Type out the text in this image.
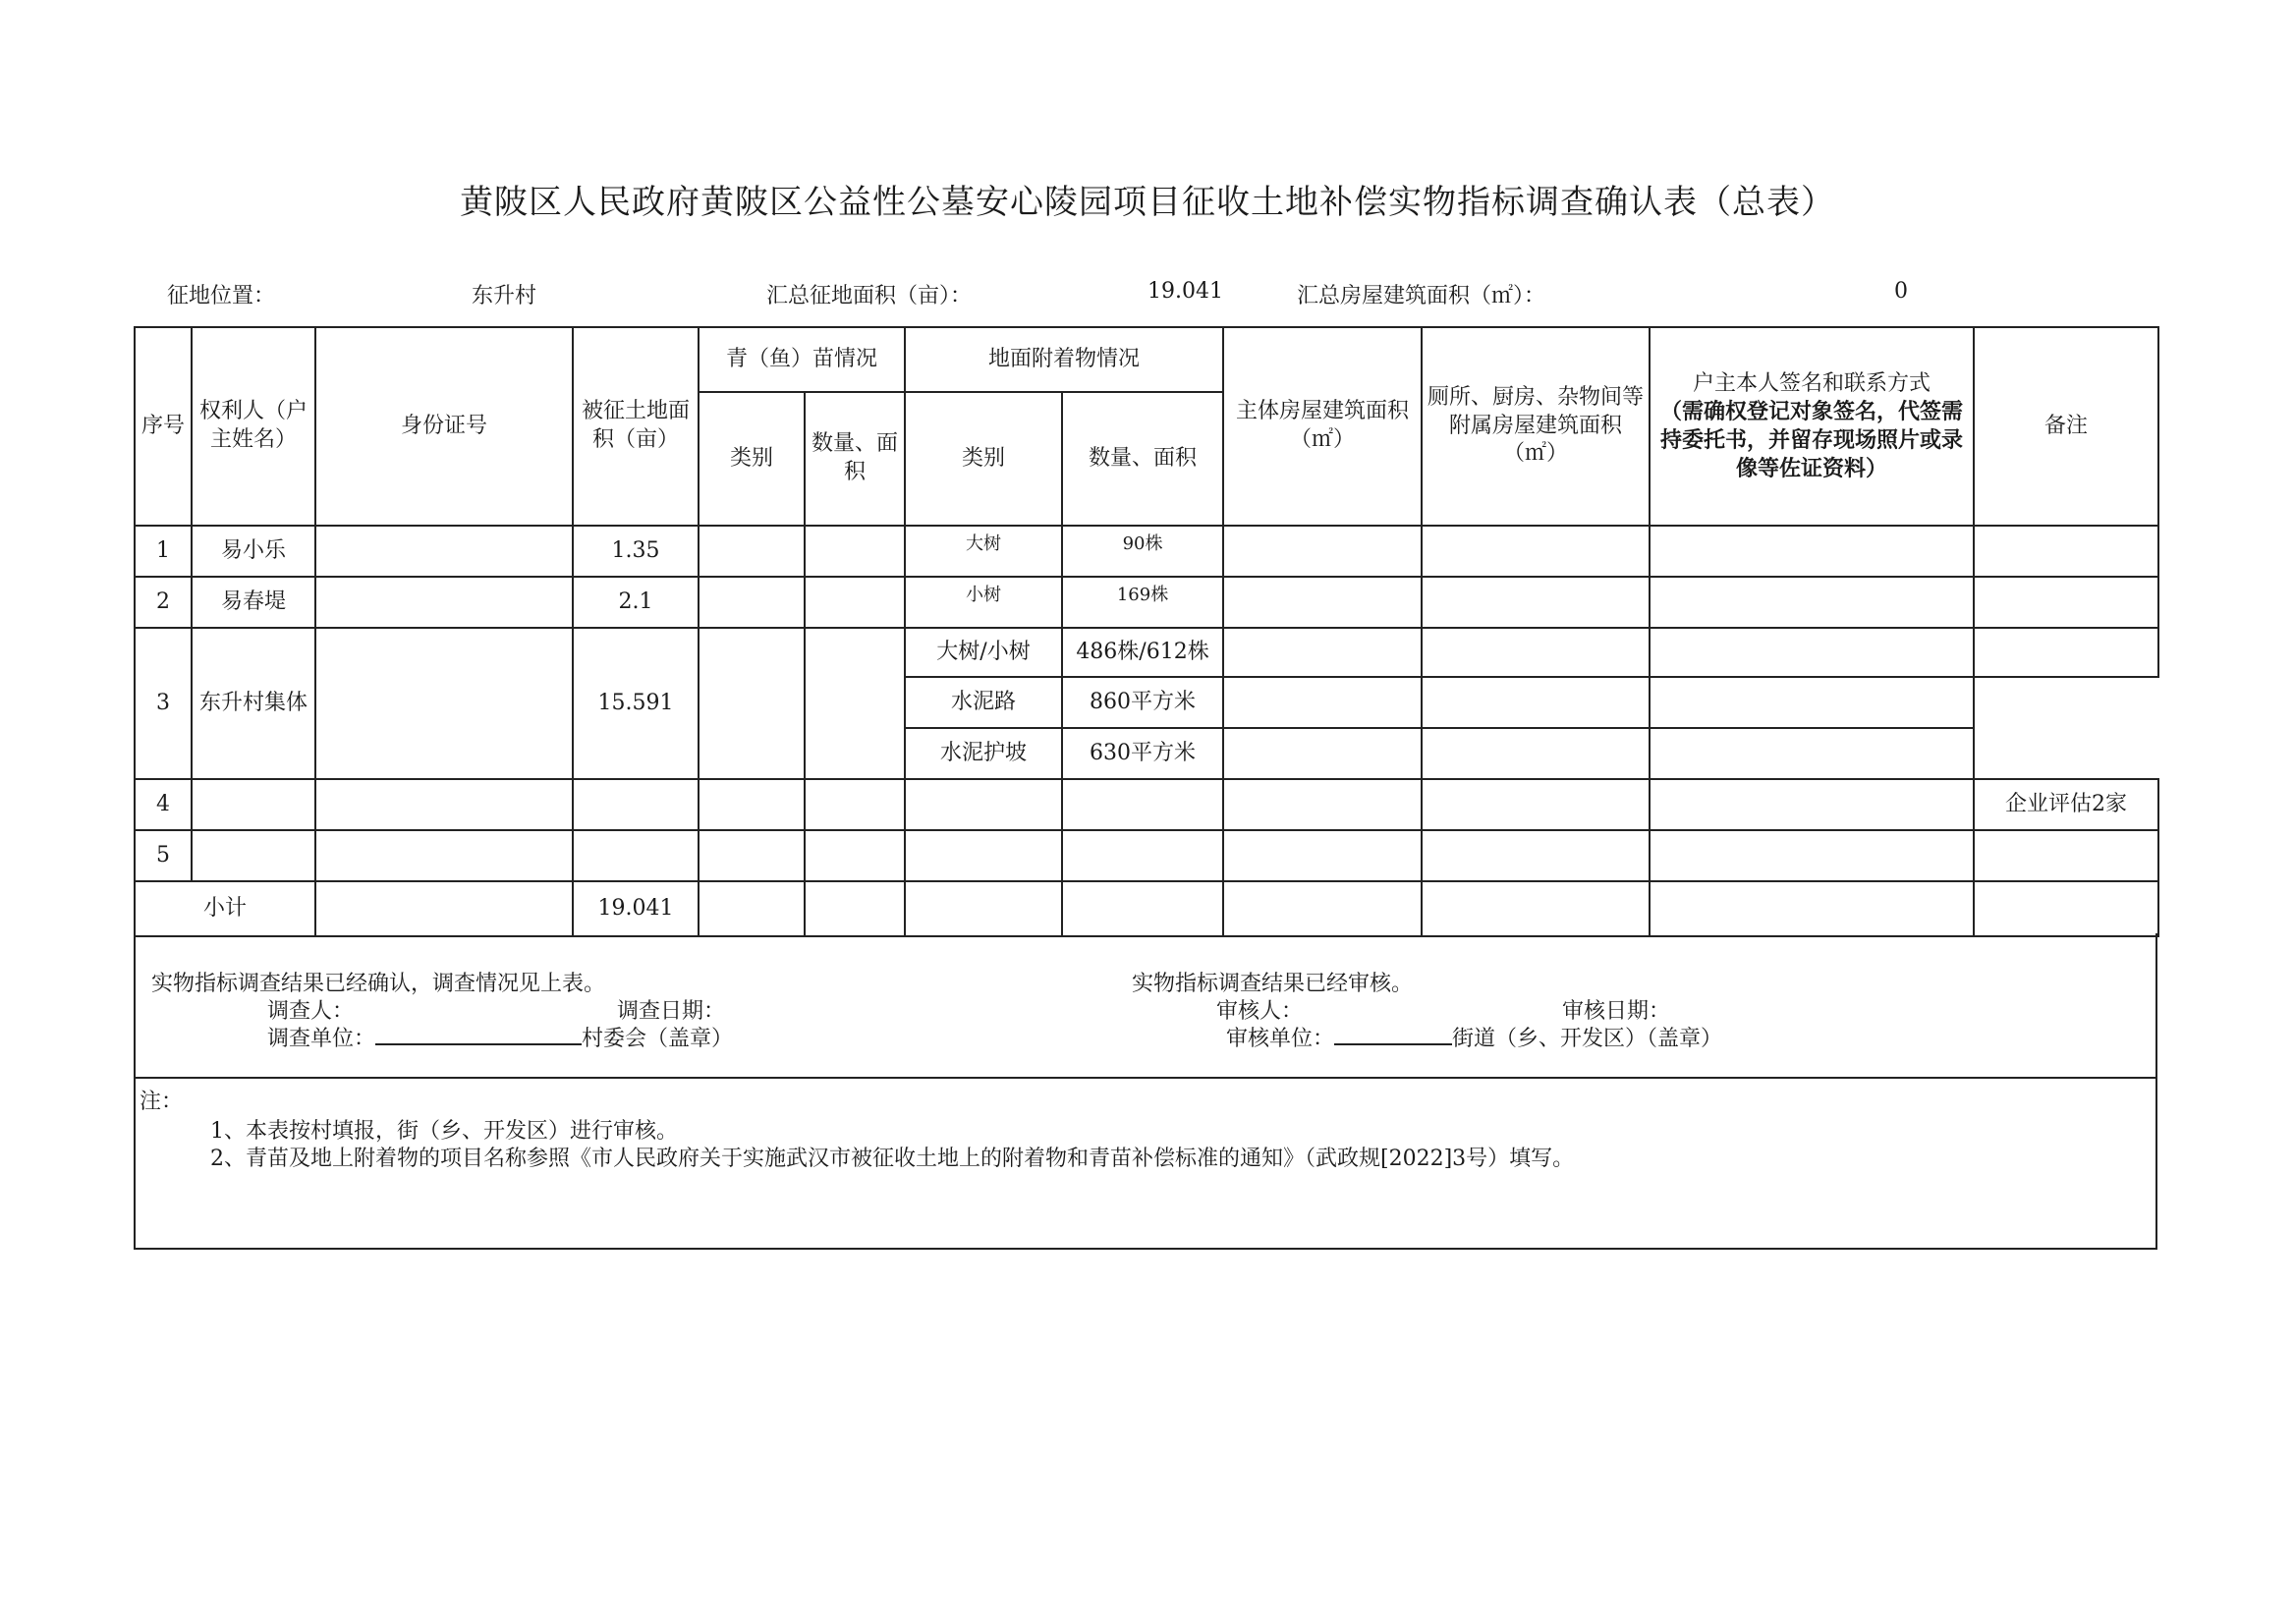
黄陂区人民政府黄陂区公益性公墓安心陵园项目征收土地补偿实物指标调查确认表（总表）
征地位置：	东升村	汇总征地面积（亩）：	19.041	汇总房屋建筑面积（㎡）：	0
序号	权利人（户主姓名）	身份证号	被征土地面积（亩）	青（鱼）苗情况		地面附着物情况		主体房屋建筑面积（㎡）	厕所、厨房、杂物间等附属房屋建筑面积（㎡）	户主本人签名和联系方式
（需确权登记对象签名，代签需持委托书，并留存现场照片或录像等佐证资料）	备注
				类别	数量、面积	类别	数量、面积				
1	易小乐		1.35			大树	90株				
2	易春堤		2.1			小树	169株				
3	东升村集体		15.591			大树/小树	486株/612株				
						水泥路	860平方米				
						水泥护坡	630平方米				
4											企业评估2家
5											
小计			19.041								
实物指标调查结果已经确认，调查情况见上表。
调查人：	调查日期：
调查单位：	村委会（盖章）
实物指标调查结果已经审核。
审核人：	审核日期：
审核单位：	街道（乡、开发区）（盖章）
注：
1、本表按村填报，街（乡、开发区）进行审核。
2、青苗及地上附着物的项目名称参照《市人民政府关于实施武汉市被征收土地上的附着物和青苗补偿标准的通知》（武政规[2022]3号）填写。
